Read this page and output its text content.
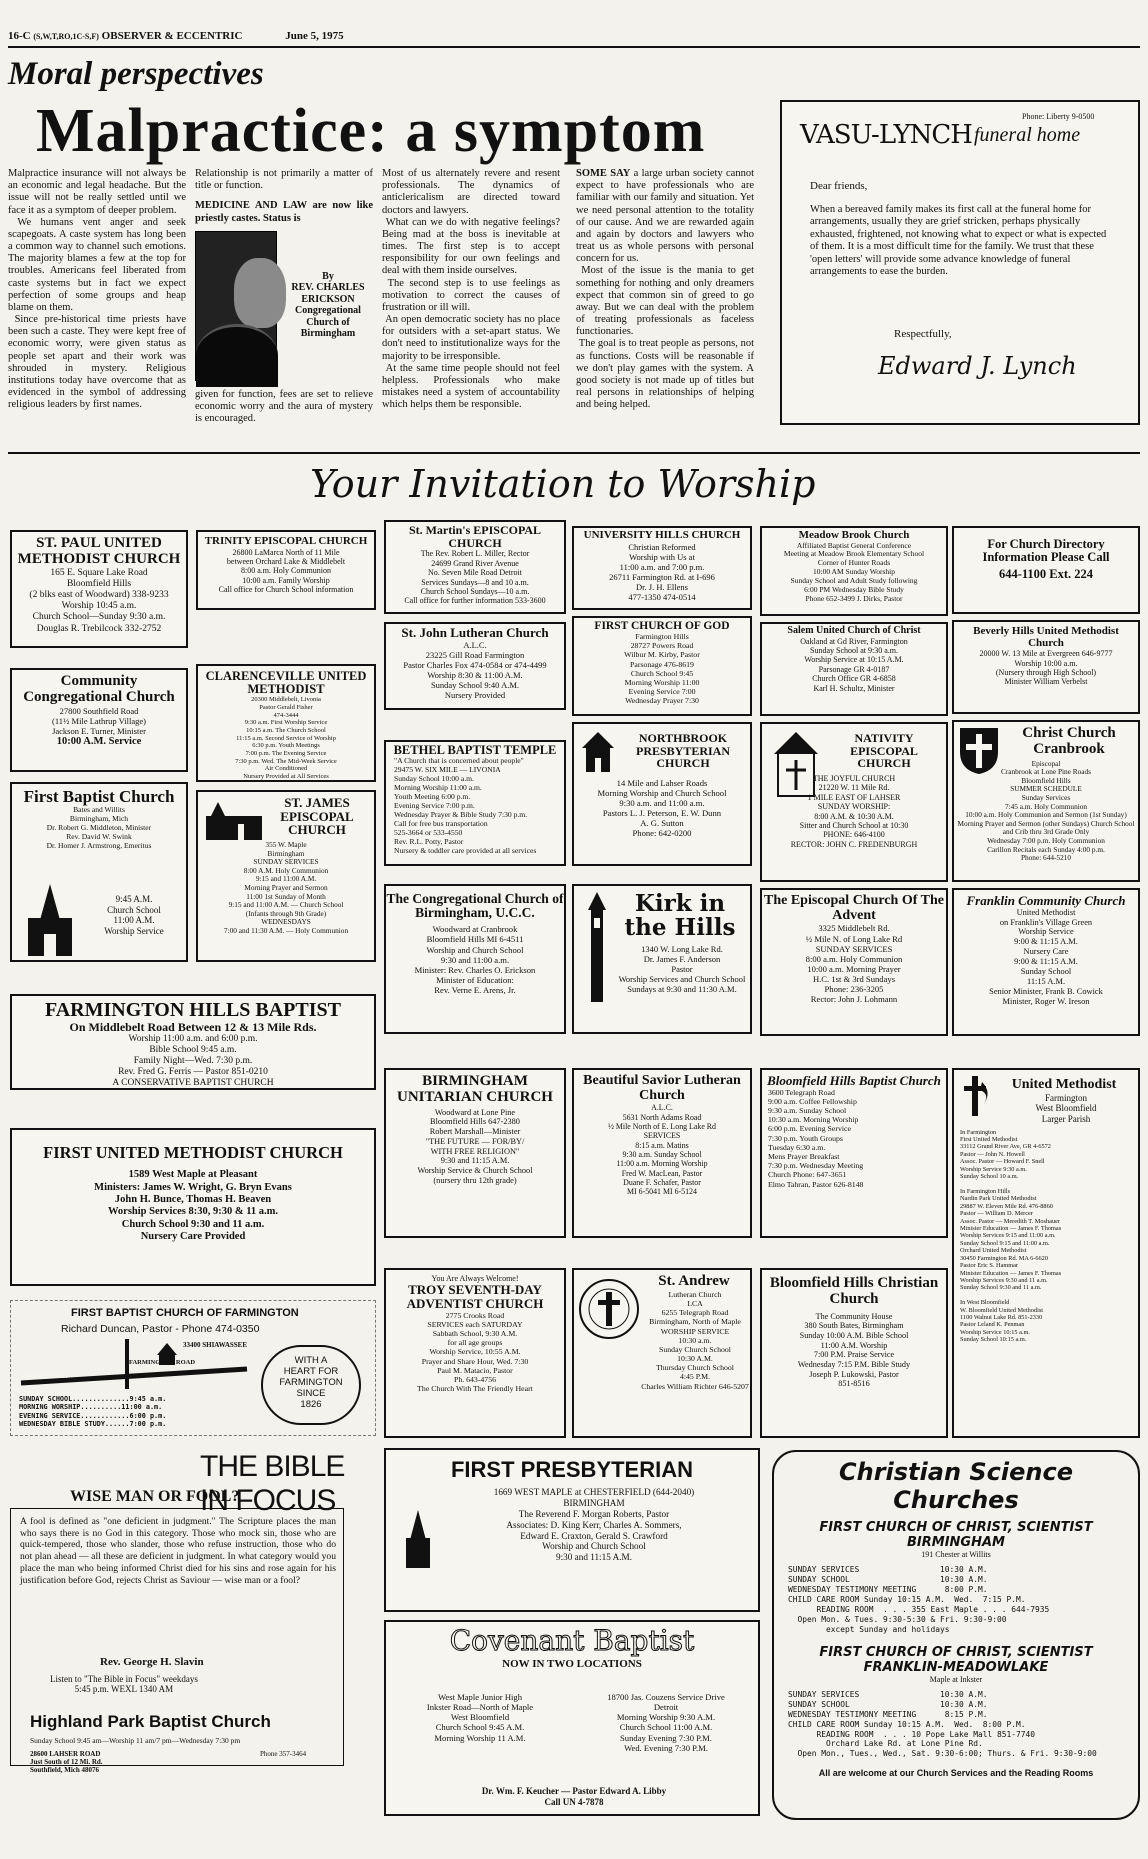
16-C (S,W,T,RO,1C-S,F) OBSERVER & ECCENTRIC	June 5, 1975
Moral perspectives
Malpractice: a symptom
Malpractice insurance will not always be an economic and legal headache. But the issue will not be really settled until we face it as a symptom of deeper problem.
We humans vent anger and seek scapegoats. A caste system has long been a common way to channel such emotions. The majority blames a few at the top for troubles. Americans feel liberated from caste systems but in fact we expect perfection of some groups and heap blame on them.
Since pre-historical time priests have been such a caste. They were kept free of economic worry, were given status as people set apart and their work was shrouded in mystery. Religious institutions today have overcome that as evidenced in the symbol of addressing religious leaders by first names.
Relationship is not primarily a matter of title or function.
MEDICINE AND LAW are now like priestly castes. Status is
By
REV. CHARLES
ERICKSON
Congregational
Church of
Birmingham
given for function, fees are set to relieve economic worry and the aura of mystery is encouraged.
Most of us alternately revere and resent professionals. The dynamics of anticlericalism are directed toward doctors and lawyers.
What can we do with negative feelings? Being mad at the boss is inevitable at times. The first step is to accept responsibility for our own feelings and deal with them inside ourselves.
The second step is to use feelings as motivation to correct the causes of frustration or ill will.
An open democratic society has no place for outsiders with a set-apart status. We don't need to institutionalize ways for the majority to be irresponsible.
At the same time people should not feel helpless. Professionals who make mistakes need a system of accountability which helps them be responsible.
SOME SAY a large urban society cannot expect to have professionals who are familiar with our family and situation. Yet we need personal attention to the totality of our cause. And we are rewarded again and again by doctors and lawyers who treat us as whole persons with personal concern for us.
Most of the issue is the mania to get something for nothing and only dreamers expect that common sin of greed to go away. But we can deal with the problem of treating professionals as faceless functionaries.
The goal is to treat people as persons, not as functions. Costs will be reasonable if we don't play games with the system. A good society is not made up of titles but real persons in relationships of helping and being helped.
VASU-LYNCH funeral home
Phone: Liberty 9-0500
Dear friends,
When a bereaved family makes its first call at the funeral home for arrangements, usually they are grief stricken, perhaps physically exhausted, frightened, not knowing what to expect or what is expected of them. It is a most difficult time for the family. We trust that these 'open letters' will provide some advance knowledge of funeral arrangements to ease the burden.
Respectfully,
Edward J. Lynch
Your Invitation to Worship
ST. PAUL UNITED METHODIST CHURCH
165 E. Square Lake Road
Bloomfield Hills
(2 blks east of Woodward) 338-9233
Worship 10:45 a.m.
Church School—Sunday 9:30 a.m.
Douglas R. Trebilcock 332-2752
TRINITY EPISCOPAL CHURCH
26800 LaMarca North of 11 Mile
between Orchard Lake & Middlebelt
8:00 a.m. Holy Communion
10:00 a.m. Family Worship
Call office for Church School information
St. Martin's EPISCOPAL CHURCH
The Rev. Robert L. Miller, Rector
24699 Grand River Avenue
No. Seven Mile Road Detroit
Services Sundays—8 and 10 a.m.
Church School Sundays—10 a.m.
Call office for further information 533-3600
UNIVERSITY HILLS CHURCH
Christian Reformed
Worship with Us at
11:00 a.m. and 7:00 p.m.
26711 Farmington Rd. at I-696
Dr. J. H. Ellens
477-1350 474-0514
Meadow Brook Church
Affiliated Baptist General Conference
Meeting at Meadow Brook Elementary School
Corner of Hunter Roads
10:00 AM Sunday Worship
Sunday School and Adult Study following
6:00 PM Wednesday Bible Study
Phone 652-3499 J. Dirks, Pastor
For Church Directory Information Please Call
644-1100 Ext. 224
St. John Lutheran Church
A.L.C.
23225 Gill Road Farmington
Pastor Charles Fox 474-0584 or 474-4499
Worship 8:30 & 11:00 A.M.
Sunday School 9:40 A.M.
Nursery Provided
FIRST CHURCH OF GOD
Farmington Hills
28727 Powers Road
Wilbur M. Kirby, Pastor
Parsonage 476-8619
Church School 9:45
Morning Worship 11:00
Evening Service 7:00
Wednesday Prayer 7:30
Salem United Church of Christ
Oakland at Gd River, Farmington
Sunday School at 9:30 a.m.
Worship Service at 10:15 A.M.
Parsonage GR 4-0187
Church Office GR 4-6858
Karl H. Schultz, Minister
Beverly Hills United Methodist Church
20000 W. 13 Mile at Evergreen 646-9777
Worship 10:00 a.m.
(Nursery through High School)
Minister William Verbelst
Community Congregational Church
27800 Southfield Road
(11½ Mile Lathrup Village)
Jackson E. Turner, Minister
10:00 A.M. Service
CLARENCEVILLE UNITED METHODIST
20300 Middlebelt, Livonia
Pastor Gerald Fisher
474-3444
9:30 a.m. First Worship Service
10:15 a.m. The Church School
11:15 a.m. Second Service of Worship
6:30 p.m. Youth Meetings
7:00 p.m. The Evening Service
7:30 p.m. Wed. The Mid-Week Service
Air Conditioned
Nursery Provided at All Services
BETHEL BAPTIST TEMPLE
"A Church that is concerned about people"
29475 W. SIX MILE — LIVONIA
Sunday School 10:00 a.m.
Morning Worship 11:00 a.m.
Youth Meeting 6:00 p.m.
Evening Service 7:00 p.m.
Wednesday Prayer & Bible Study 7:30 p.m.
Call for free bus transportation
525-3664 or 533-4550
Rev. R.L. Potty, Pastor
Nursery & toddler care provided at all services
NORTHBROOK PRESBYTERIAN CHURCH
14 Mile and Lahser Roads
Morning Worship and Church School
9:30 a.m. and 11:00 a.m.
Pastors L. J. Peterson, E. W. Dunn
A. G. Sutton
Phone: 642-0200
NATIVITY EPISCOPAL CHURCH
THE JOYFUL CHURCH
21220 W. 11 Mile Rd.
1 MILE EAST OF LAHSER
SUNDAY WORSHIP:
8:00 A.M. & 10:30 A.M.
Sitter and Church School at 10:30
PHONE: 646-4100
RECTOR: JOHN C. FREDENBURGH
Christ Church Cranbrook
Episcopal
Cranbrook at Lone Pine Roads
Bloomfield Hills
SUMMER SCHEDULE
Sunday Services
7:45 a.m. Holy Communion
10:00 a.m. Holy Communion and Sermon (1st Sunday) Morning Prayer and Sermon (other Sundays) Church School and Crib thru 3rd Grade Only
Wednesday 7:00 p.m. Holy Communion
Carillon Recitals each Sunday 4:00 p.m.
Phone: 644-5210
First Baptist Church
Bates and Willits
Birmingham, Mich
Dr. Robert G. Middleton, Minister
Rev. David W. Swink
Dr. Homer J. Armstrong, Emeritus
9:45 A.M.
Church School
11:00 A.M.
Worship Service
ST. JAMES EPISCOPAL CHURCH
355 W. Maple
Birmingham
SUNDAY SERVICES
8:00 A.M. Holy Communion
9:15 and 11:00 A.M.
Morning Prayer and Sermon
11:00 1st Sunday of Month
9:15 and 11:00 A.M. — Church School
(Infants through 9th Grade)
WEDNESDAYS
7:00 and 11:30 A.M. — Holy Communion
The Congregational Church of Birmingham, U.C.C.
Woodward at Cranbrook
Bloomfield Hills MI 6-4511
Worship and Church School
9:30 and 11:00 a.m.
Minister: Rev. Charles O. Erickson
Minister of Education:
Rev. Verne E. Arens, Jr.
Kirk in the Hills
1340 W. Long Lake Rd.
Dr. James F. Anderson
Pastor
Worship Services and Church School
Sundays at 9:30 and 11:30 A.M.
The Episcopal Church Of The Advent
3325 Middlebelt Rd.
½ Mile N. of Long Lake Rd
SUNDAY SERVICES
8:00 a.m. Holy Communion
10:00 a.m. Morning Prayer
H.C. 1st & 3rd Sundays
Phone: 236-3205
Rector: John J. Lohmann
Franklin Community Church
United Methodist
on Franklin's Village Green
Worship Service
9:00 & 11:15 A.M.
Nursery Care
9:00 & 11:15 A.M.
Sunday School
11:15 A.M.
Senior Minister, Frank B. Cowick
Minister, Roger W. Ireson
FARMINGTON HILLS BAPTIST
On Middlebelt Road Between 12 & 13 Mile Rds.
Worship 11:00 a.m. and 6:00 p.m.
Bible School 9:45 a.m.
Family Night—Wed. 7:30 p.m.
Rev. Fred G. Ferris — Pastor 851-0210
A CONSERVATIVE BAPTIST CHURCH	BIRMINGHAM UNITARIAN CHURCH
Woodward at Lone Pine
Bloomfield Hills 647-2380
Robert Marshall—Minister
"THE FUTURE — FOR/BY/
WITH FREE RELIGION"
9:30 and 11:15 A.M.
Worship Service & Church School
(nursery thru 12th grade)
Beautiful Savior Lutheran Church
A.L.C.
5631 North Adams Road
½ Mile North of E. Long Lake Rd
SERVICES
8:15 a.m. Matins
9:30 a.m. Sunday School
11:00 a.m. Morning Worship
Fred W. MacLean, Pastor
Duane F. Schafer, Pastor
MI 6-5041 MI 6-5124
Bloomfield Hills Baptist Church
3600 Telegraph Road
9:00 a.m. Coffee Fellowship
9:30 a.m. Sunday School
10:30 a.m. Morning Worship
6:00 p.m. Evening Service
7:30 p.m. Youth Groups
Tuesday 6:30 a.m.
Mens Prayer Breakfast
7:30 p.m. Wednesday Meeting
Church Phone: 647-3651
Elmo Tahran, Pastor 626-8148
United Methodist
Farmington
West Bloomfield
Larger Parish
In Farmington
First United Methodist
33112 Grand River Ave, GR 4-6572
Pastor — John N. Howell
Assoc. Pastor — Howard F. Snell
Worship Service 9:30 a.m.
Sunday School 10 a.m.

In Farmington Hills
Nardin Park United Methodist
29887 W. Eleven Mile Rd. 476-8860
Pastor — William D. Mercer
Assoc. Pastor — Meredith T. Moshauer
Minister Education — James F. Thomas
Worship Services 9:15 and 11:00 a.m.
Sunday School 9:15 and 11:00 a.m.
Orchard United Methodist
30450 Farmington Rd. MA 6-6620
Pastor Eric S. Hammar
Minister Education — James F. Thomas
Worship Services 9:30 and 11 a.m.
Sunday School 9:30 and 11 a.m.

In West Bloomfield
W. Bloomfield United Methodist
1100 Walnut Lake Rd. 851-2330
Pastor Leland K. Penman
Worship Service 10:15 a.m.
Sunday School 10:15 a.m.
FIRST UNITED METHODIST CHURCH
1589 West Maple at Pleasant
Ministers: James W. Wright, G. Bryn Evans
John H. Bunce, Thomas H. Beaven
Worship Services 8:30, 9:30 & 11 a.m.
Church School 9:30 and 11 a.m.
Nursery Care Provided
You Are Always Welcome!
TROY SEVENTH-DAY ADVENTIST CHURCH
2775 Crooks Road
SERVICES each SATURDAY
Sabbath School, 9:30 A.M.
for all age groups
Worship Service, 10:55 A.M.
Prayer and Share Hour, Wed. 7:30
Paul M. Matacio, Pastor
Ph. 643-4756
The Church With The Friendly Heart
St. Andrew
Lutheran Church
LCA
6255 Telegraph Road
Birmingham, North of Maple
WORSHIP SERVICE
10:30 a.m.
Sunday Church School
10:30 A.M.
Thursday Church School
4:45 P.M.
Charles William Richter 646-5207
Bloomfield Hills Christian Church
The Community House
380 South Bates, Birmingham
Sunday 10:00 A.M. Bible School
11:00 A.M. Worship
7:00 P.M. Praise Service
Wednesday 7:15 P.M. Bible Study
Joseph P. Lukowski, Pastor
851-8516
FIRST BAPTIST CHURCH OF FARMINGTON
Richard Duncan, Pastor - Phone 474-0350
33400 SHIAWASSEE
FARMINGTON ROAD
GRAND RIVER
WITH A
HEART FOR
FARMINGTON
SINCE
1826
SUNDAY SCHOOL..............9:45 a.m.
MORNING WORSHIP..........11:00 a.m.
EVENING SERVICE............6:00 p.m.
WEDNESDAY BIBLE STUDY......7:00 p.m.
THE BIBLE IN FOCUS
WISE MAN OR FOOL?
A fool is defined as "one deficient in judgment." The Scripture places the man who says there is no God in this category. Those who mock sin, those who are quick-tempered, those who slander, those who refuse instruction, those who do not plan ahead — all these are deficient in judgment. In what category would you place the man who being informed Christ died for his sins and rose again for his justification before God, rejects Christ as Saviour — wise man or a fool?
Rev. George H. Slavin
Listen to "The Bible in Focus" weekdays
5:45 p.m. WEXL 1340 AM
Highland Park Baptist Church
Sunday School 9:45 am—Worship 11 am/7 pm—Wednesday 7:30 pm
28600 LAHSER ROAD
Just South of 12 Mi. Rd.
Southfield, Mich 48076
Phone 357-3464
FIRST PRESBYTERIAN
1669 WEST MAPLE at CHESTERFIELD (644-2040)
BIRMINGHAM
The Reverend F. Morgan Roberts, Pastor
Associates: D. King Kerr, Charles A. Sommers,
Edward E. Craxton, Gerald S. Crawford
Worship and Church School
9:30 and 11:15 A.M.
Covenant Baptist
NOW IN TWO LOCATIONS
West Maple Junior High
Inkster Road—North of Maple
West Bloomfield
Church School 9:45 A.M.
Morning Worship 11 A.M.
18700 Jas. Couzens Service Drive
Detroit
Morning Worship 9:30 A.M.
Church School 11:00 A.M.
Sunday Evening 7:30 P.M.
Wed. Evening 7:30 P.M.
Dr. Wm. F. Keucher — Pastor Edward A. Libby
Call UN 4-7878
Christian Science Churches
FIRST CHURCH OF CHRIST, SCIENTIST
BIRMINGHAM
191 Chester at Willits
SUNDAY SERVICES                 10:30 A.M.
SUNDAY SCHOOL                   10:30 A.M.
WEDNESDAY TESTIMONY MEETING      8:00 P.M.
CHILD CARE ROOM Sunday 10:15 A.M.  Wed.  7:15 P.M.
READING ROOM  . . . 355 East Maple . . . 644-7935
Open Mon. & Tues. 9:30-5:30 & Fri. 9:30-9:00
except Sunday and holidays
FIRST CHURCH OF CHRIST, SCIENTIST
FRANKLIN-MEADOWLAKE
Maple at Inkster
SUNDAY SERVICES                 10:30 A.M.
SUNDAY SCHOOL                   10:30 A.M.
WEDNESDAY TESTIMONY MEETING      8:15 P.M.
CHILD CARE ROOM Sunday 10:15 A.M.  Wed.  8:00 P.M.
READING ROOM  . . . 10 Pope Lake Mall 851-7740
Orchard Lake Rd. at Lone Pine Rd.
Open Mon., Tues., Wed., Sat. 9:30-6:00; Thurs. & Fri. 9:30-9:00
All are welcome at our Church Services and the Reading Rooms
